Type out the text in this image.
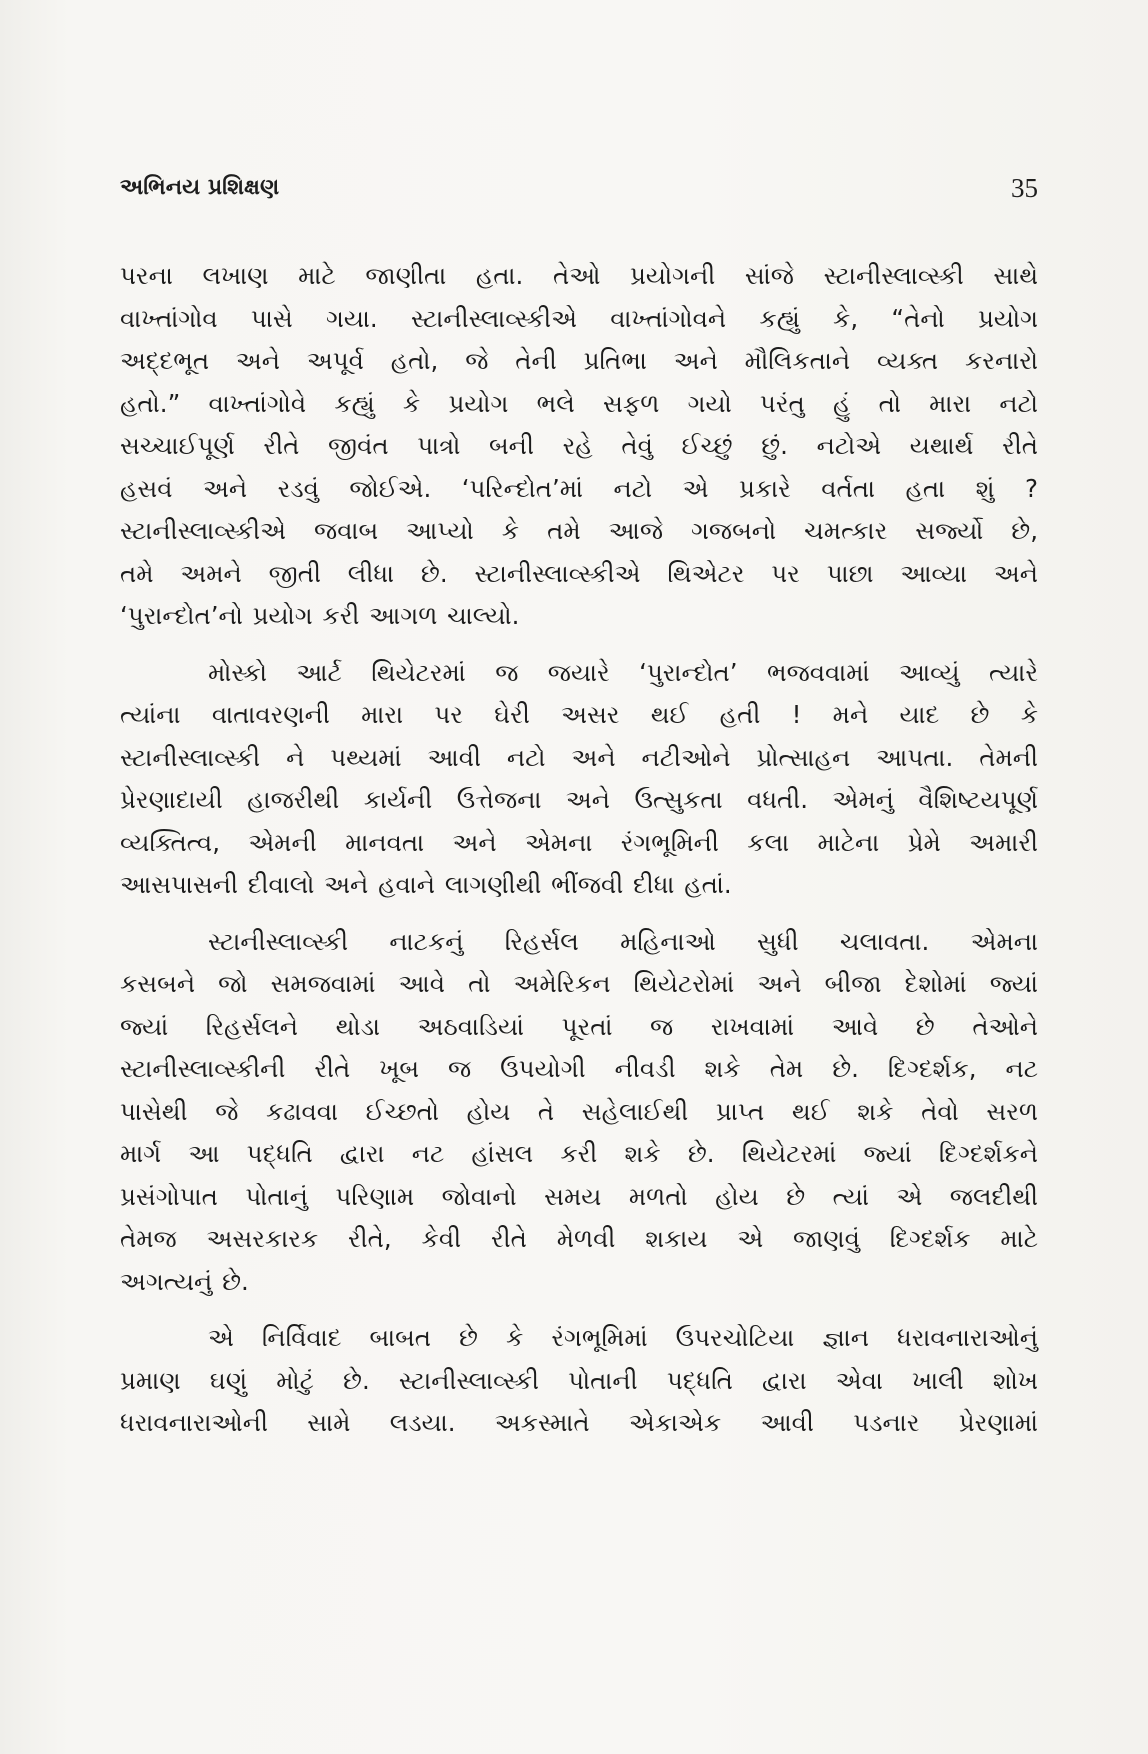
અભિનય પ્રશિક્ષણ	35
પરના લખાણ માટે જાણીતા હતા. તેઓ પ્રયોગની સાંજે સ્ટાનીસ્લાવ્સ્કી સાથે
વાખ્તાંગોવ પાસે ગયા. સ્ટાનીસ્લાવ્સ્કીએ વાખ્તાંગોવને કહ્યું કે, “તેનો પ્રયોગ
અદ્દભૂત અને અપૂર્વ હતો, જે તેની પ્રતિભા અને મૌલિકતાને વ્યક્ત કરનારો
હતો.” વાખ્તાંગોવે કહ્યું કે પ્રયોગ ભલે સફળ ગયો પરંતુ હું તો મારા નટો
સચ્ચાઈપૂર્ણ રીતે જીવંત પાત્રો બની રહે તેવું ઈચ્છું છું. નટોએ યથાર્થ રીતે
હસવં અને રડવું જોઈએ. ‘પરિન્દોત’માં નટો એ પ્રકારે વર્તતા હતા શું ?
સ્ટાનીસ્લાવ્સ્કીએ જવાબ આપ્યો કે તમે આજે ગજબનો ચમત્કાર સર્જ્યો છે,
તમે અમને જીતી લીધા છે. સ્ટાનીસ્લાવ્સ્કીએ થિએટર પર પાછા આવ્યા અને
‘પુરાન્દોત’નો પ્રયોગ કરી આગળ ચાલ્યો.
મોસ્કો આર્ટ થિયેટરમાં જ જયારે ‘પુરાન્દોત’ ભજવવામાં આવ્યું ત્યારે
ત્યાંના વાતાવરણની મારા પર ઘેરી અસર થઈ હતી ! મને યાદ છે કે
સ્ટાનીસ્લાવ્સ્કી ને પથ્યમાં આવી નટો અને નટીઓને પ્રોત્સાહન આપતા. તેમની
પ્રેરણાદાયી હાજરીથી કાર્યની ઉત્તેજના અને ઉત્સુકતા વધતી. એમનું વૈશિષ્ટયપૂર્ણ
વ્યક્તિત્વ, એમની માનવતા અને એમના રંગભૂમિની કલા માટેના પ્રેમે અમારી
આસપાસની દીવાલો અને હવાને લાગણીથી ભીંજવી દીધા હતાં.
સ્ટાનીસ્લાવ્સ્કી નાટકનું રિહર્સલ મહિનાઓ સુધી ચલાવતા. એમના
કસબને જો સમજવામાં આવે તો અમેરિકન થિયેટરોમાં અને બીજા દેશોમાં જ્યાં
જ્યાં રિહર્સલને થોડા અઠવાડિયાં પૂરતાં જ રાખવામાં આવે છે તેઓને
સ્ટાનીસ્લાવ્સ્કીની રીતે ખૂબ જ ઉપયોગી નીવડી શકે તેમ છે. દિગ્દર્શક, નટ
પાસેથી જે કઢાવવા ઈચ્છતો હોય તે સહેલાઈથી પ્રાપ્ત થઈ શકે તેવો સરળ
માર્ગ આ પદ્ધતિ દ્વારા નટ હાંસલ કરી શકે છે. થિયેટરમાં જ્યાં દિગ્દર્શકને
પ્રસંગોપાત પોતાનું પરિણામ જોવાનો સમય મળતો હોય છે ત્યાં એ જલદીથી
તેમજ અસરકારક રીતે, કેવી રીતે મેળવી શકાય એ જાણવું દિગ્દર્શક માટે
અગત્યનું છે.
એ નિર્વિવાદ બાબત છે કે રંગભૂમિમાં ઉપરચોટિયા જ્ઞાન ધરાવનારાઓનું
પ્રમાણ ઘણું મોટું છે. સ્ટાનીસ્લાવ્સ્કી પોતાની પદ્ધતિ દ્વારા એવા ખાલી શોખ
ધરાવનારાઓની સામે લડયા. અકસ્માતે એકાએક આવી પડનાર પ્રેરણામાં
